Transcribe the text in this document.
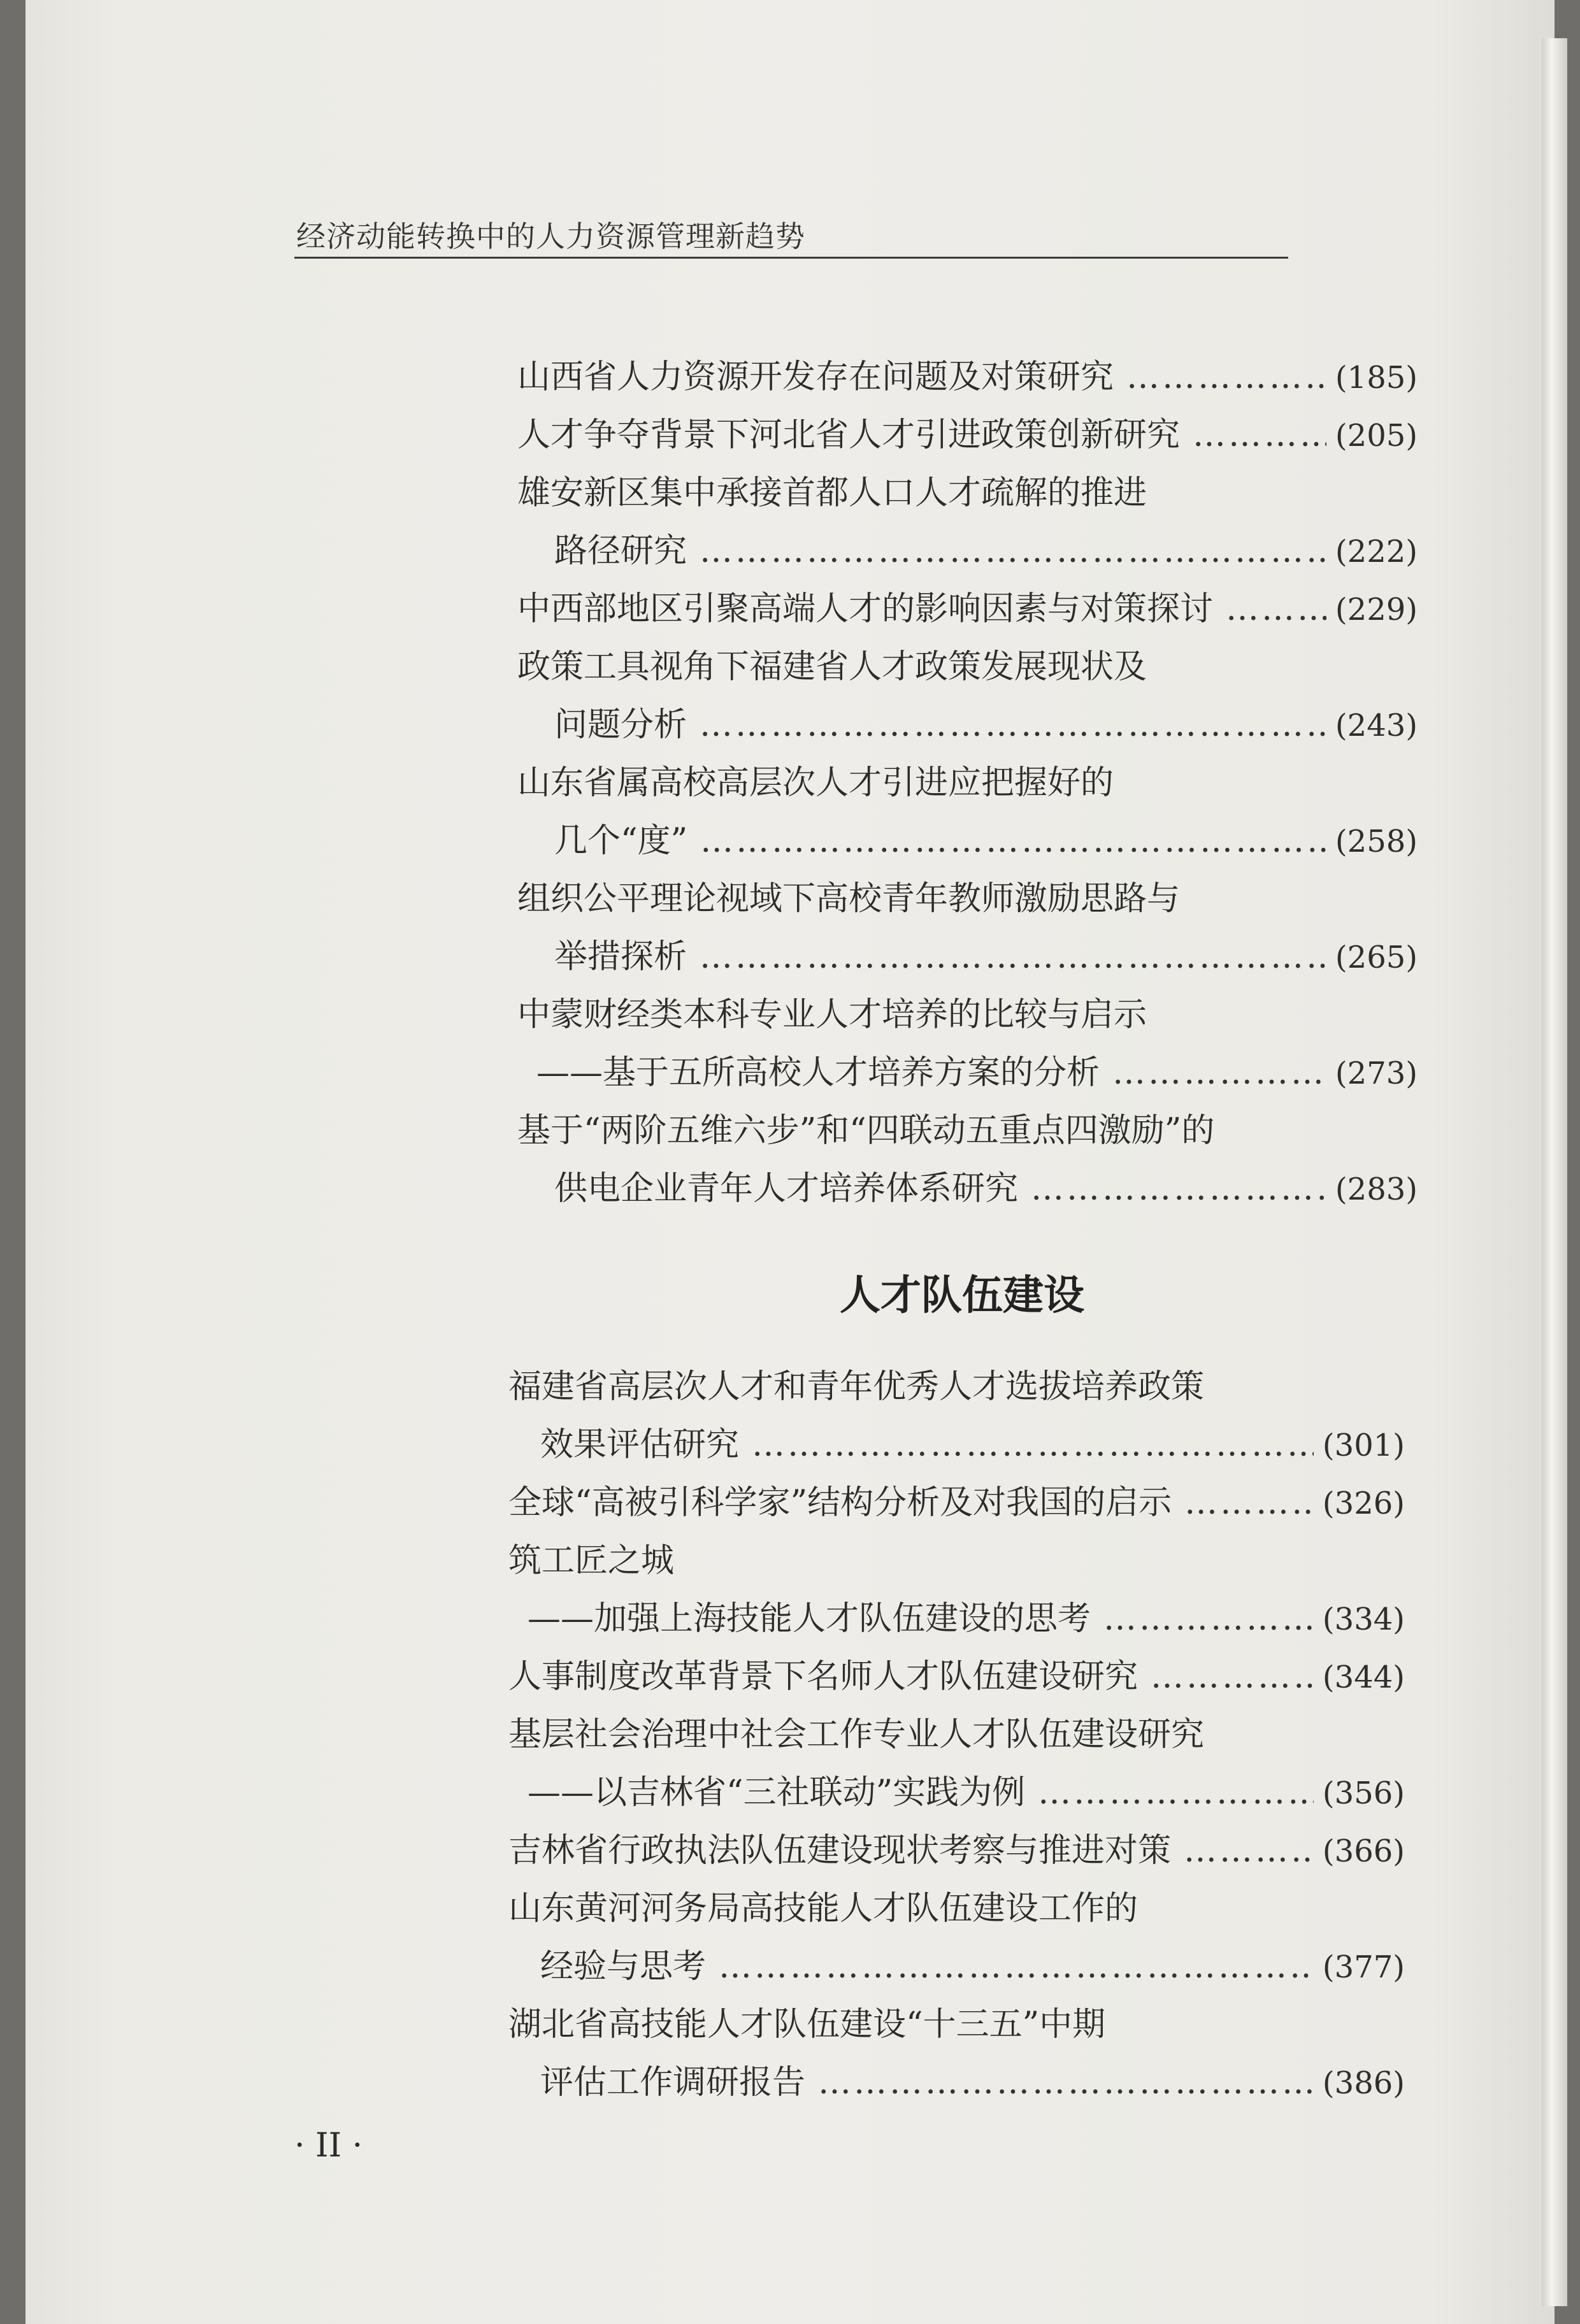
经济动能转换中的人力资源管理新趋势
山西省人力资源开发存在问题及对策研究 ……………………………………………………………………………………………………………………………………	(185)
人才争夺背景下河北省人才引进政策创新研究 ……………………………………………………………………………………………………………………………………	(205)
雄安新区集中承接首都人口人才疏解的推进
路径研究 ……………………………………………………………………………………………………………………………………	(222)
中西部地区引聚高端人才的影响因素与对策探讨 ……………………………………………………………………………………………………………………………………	(229)
政策工具视角下福建省人才政策发展现状及
问题分析 ……………………………………………………………………………………………………………………………………	(243)
山东省属高校高层次人才引进应把握好的
几个“度” ……………………………………………………………………………………………………………………………………	(258)
组织公平理论视域下高校青年教师激励思路与
举措探析 ……………………………………………………………………………………………………………………………………	(265)
中蒙财经类本科专业人才培养的比较与启示
——基于五所高校人才培养方案的分析 ……………………………………………………………………………………………………………………………………	(273)
基于“两阶五维六步”和“四联动五重点四激励”的
供电企业青年人才培养体系研究 ……………………………………………………………………………………………………………………………………	(283)
人才队伍建设
福建省高层次人才和青年优秀人才选拔培养政策
效果评估研究 ……………………………………………………………………………………………………………………………………	(301)
全球“高被引科学家”结构分析及对我国的启示 ……………………………………………………………………………………………………………………………………	(326)
筑工匠之城
——加强上海技能人才队伍建设的思考 ……………………………………………………………………………………………………………………………………	(334)
人事制度改革背景下名师人才队伍建设研究 ……………………………………………………………………………………………………………………………………	(344)
基层社会治理中社会工作专业人才队伍建设研究
——以吉林省“三社联动”实践为例 ……………………………………………………………………………………………………………………………………	(356)
吉林省行政执法队伍建设现状考察与推进对策 ……………………………………………………………………………………………………………………………………	(366)
山东黄河河务局高技能人才队伍建设工作的
经验与思考 ……………………………………………………………………………………………………………………………………	(377)
湖北省高技能人才队伍建设“十三五”中期
评估工作调研报告 ……………………………………………………………………………………………………………………………………	(386)
· II ·
